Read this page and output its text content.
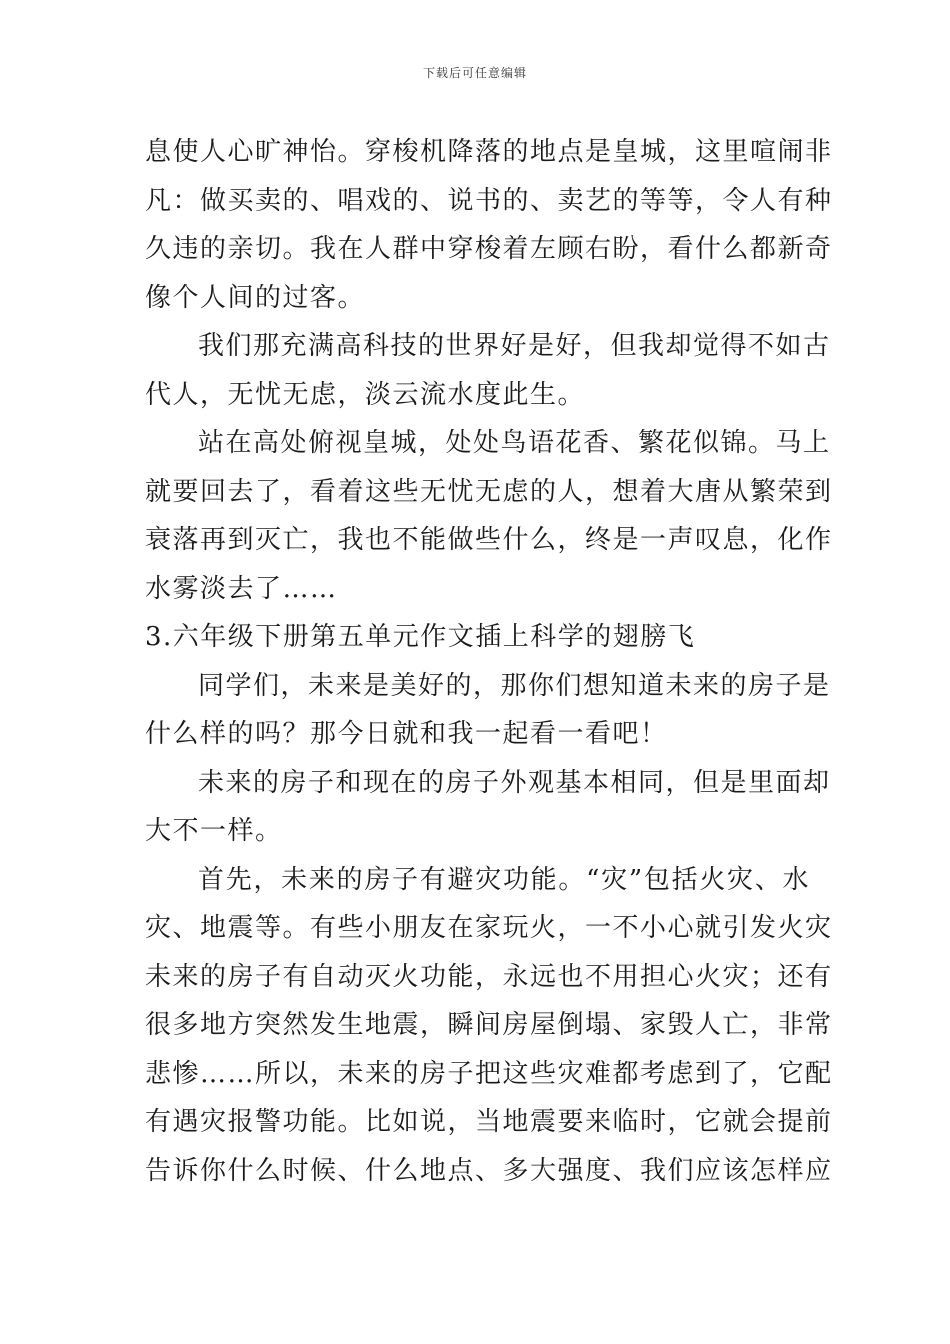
下载后可任意编辑
息使人心旷神怡。穿梭机降落的地点是皇城，这里喧闹非
凡：做买卖的、唱戏的、说书的、卖艺的等等，令人有种
久违的亲切。我在人群中穿梭着左顾右盼，看什么都新奇
像个人间的过客。
我们那充满高科技的世界好是好，但我却觉得不如古
代人，无忧无虑，淡云流水度此生。
站在高处俯视皇城，处处鸟语花香、繁花似锦。马上
就要回去了，看着这些无忧无虑的人，想着大唐从繁荣到
衰落再到灭亡，我也不能做些什么，终是一声叹息，化作
水雾淡去了……
3.六年级下册第五单元作文插上科学的翅膀飞
同学们，未来是美好的，那你们想知道未来的房子是
什么样的吗？那今日就和我一起看一看吧！
未来的房子和现在的房子外观基本相同，但是里面却
大不一样。
首先，未来的房子有避灾功能。“灾”包括火灾、水
灾、地震等。有些小朋友在家玩火，一不小心就引发火灾
未来的房子有自动灭火功能，永远也不用担心火灾；还有
很多地方突然发生地震，瞬间房屋倒塌、家毁人亡，非常
悲惨……所以，未来的房子把这些灾难都考虑到了，它配
有遇灾报警功能。比如说，当地震要来临时，它就会提前
告诉你什么时候、什么地点、多大强度、我们应该怎样应
